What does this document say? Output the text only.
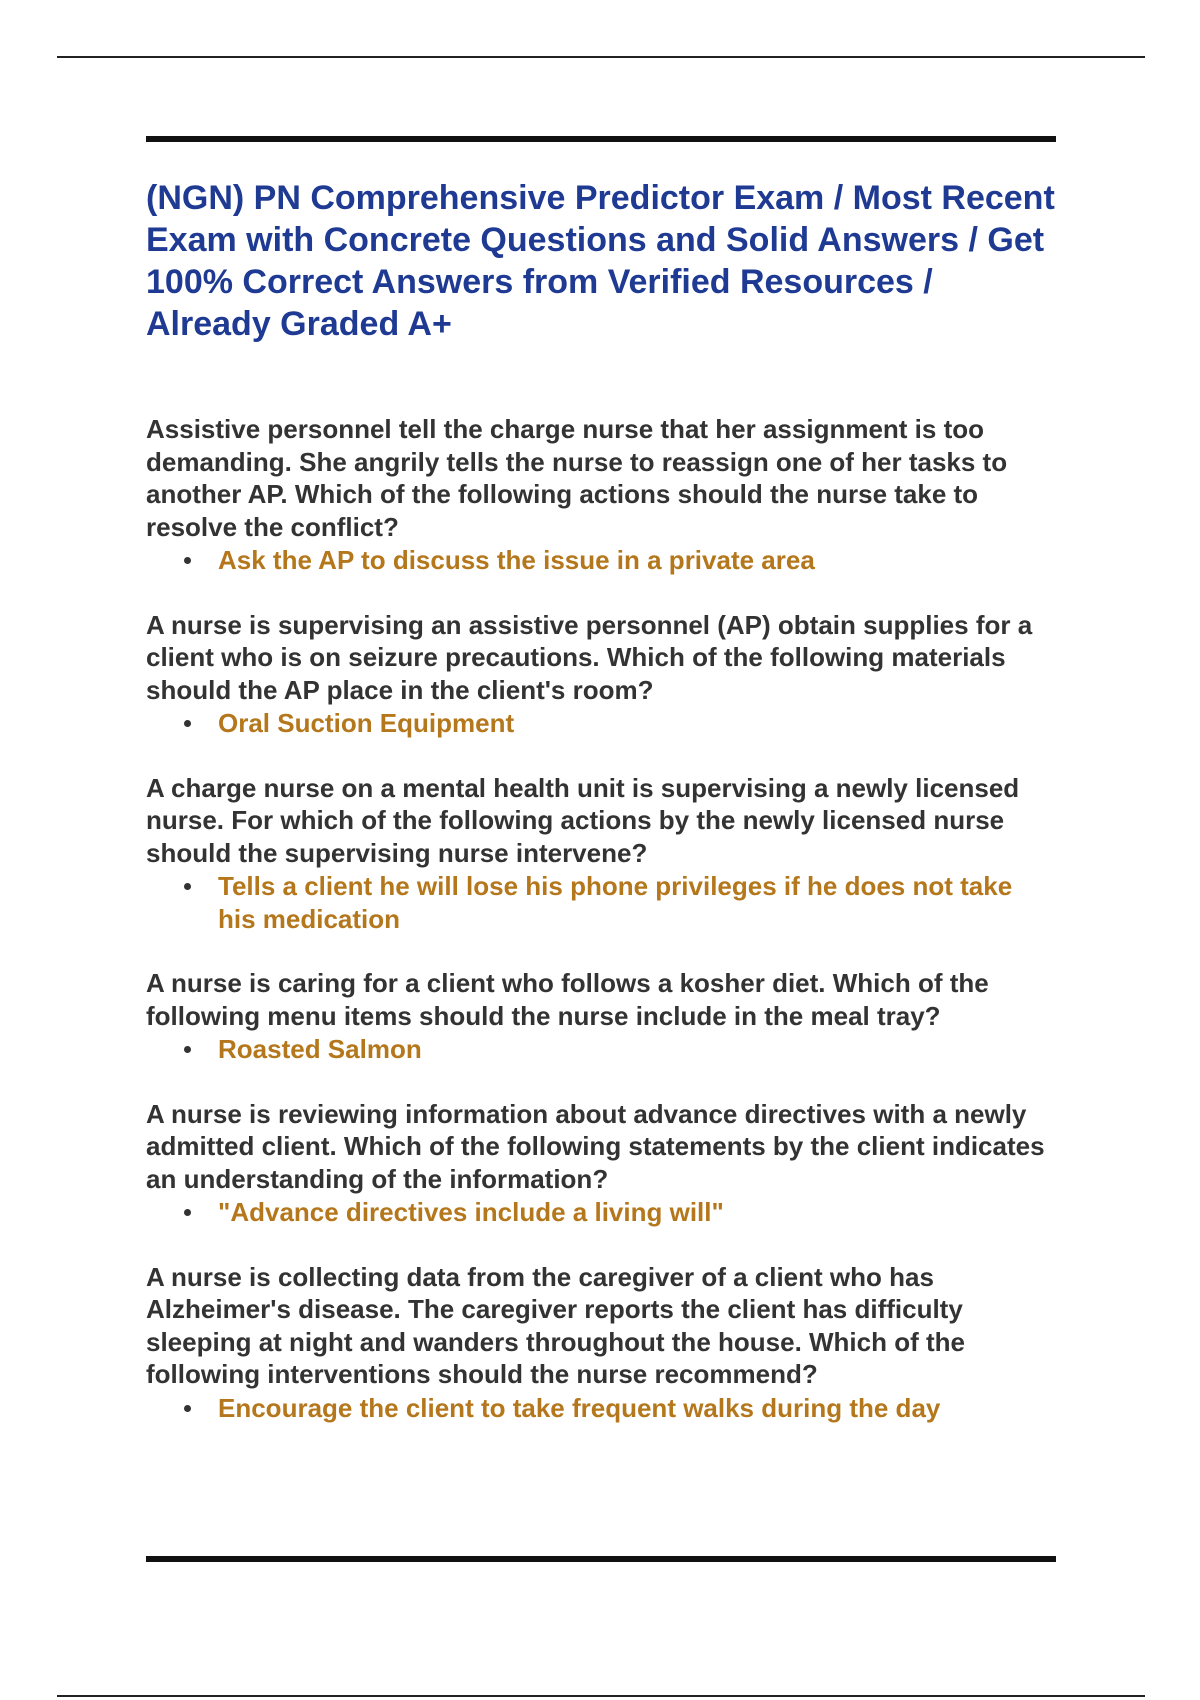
(NGN) PN Comprehensive Predictor Exam / Most Recent Exam with Concrete Questions and Solid Answers / Get 100% Correct Answers from Verified Resources / Already Graded A+

Assistive personnel tell the charge nurse that her assignment is too demanding. She angrily tells the nurse to reassign one of her tasks to another AP. Which of the following actions should the nurse take to resolve the conflict?

Ask the AP to discuss the issue in a private area

A nurse is supervising an assistive personnel (AP) obtain supplies for a client who is on seizure precautions. Which of the following materials should the AP place in the client's room?

Oral Suction Equipment

A charge nurse on a mental health unit is supervising a newly licensed nurse. For which of the following actions by the newly licensed nurse should the supervising nurse intervene?

Tells a client he will lose his phone privileges if he does not take his medication

A nurse is caring for a client who follows a kosher diet. Which of the following menu items should the nurse include in the meal tray?

Roasted Salmon

A nurse is reviewing information about advance directives with a newly admitted client. Which of the following statements by the client indicates an understanding of the information?

"Advance directives include a living will"

A nurse is collecting data from the caregiver of a client who has Alzheimer's disease. The caregiver reports the client has difficulty sleeping at night and wanders throughout the house. Which of the following interventions should the nurse recommend?

Encourage the client to take frequent walks during the day
